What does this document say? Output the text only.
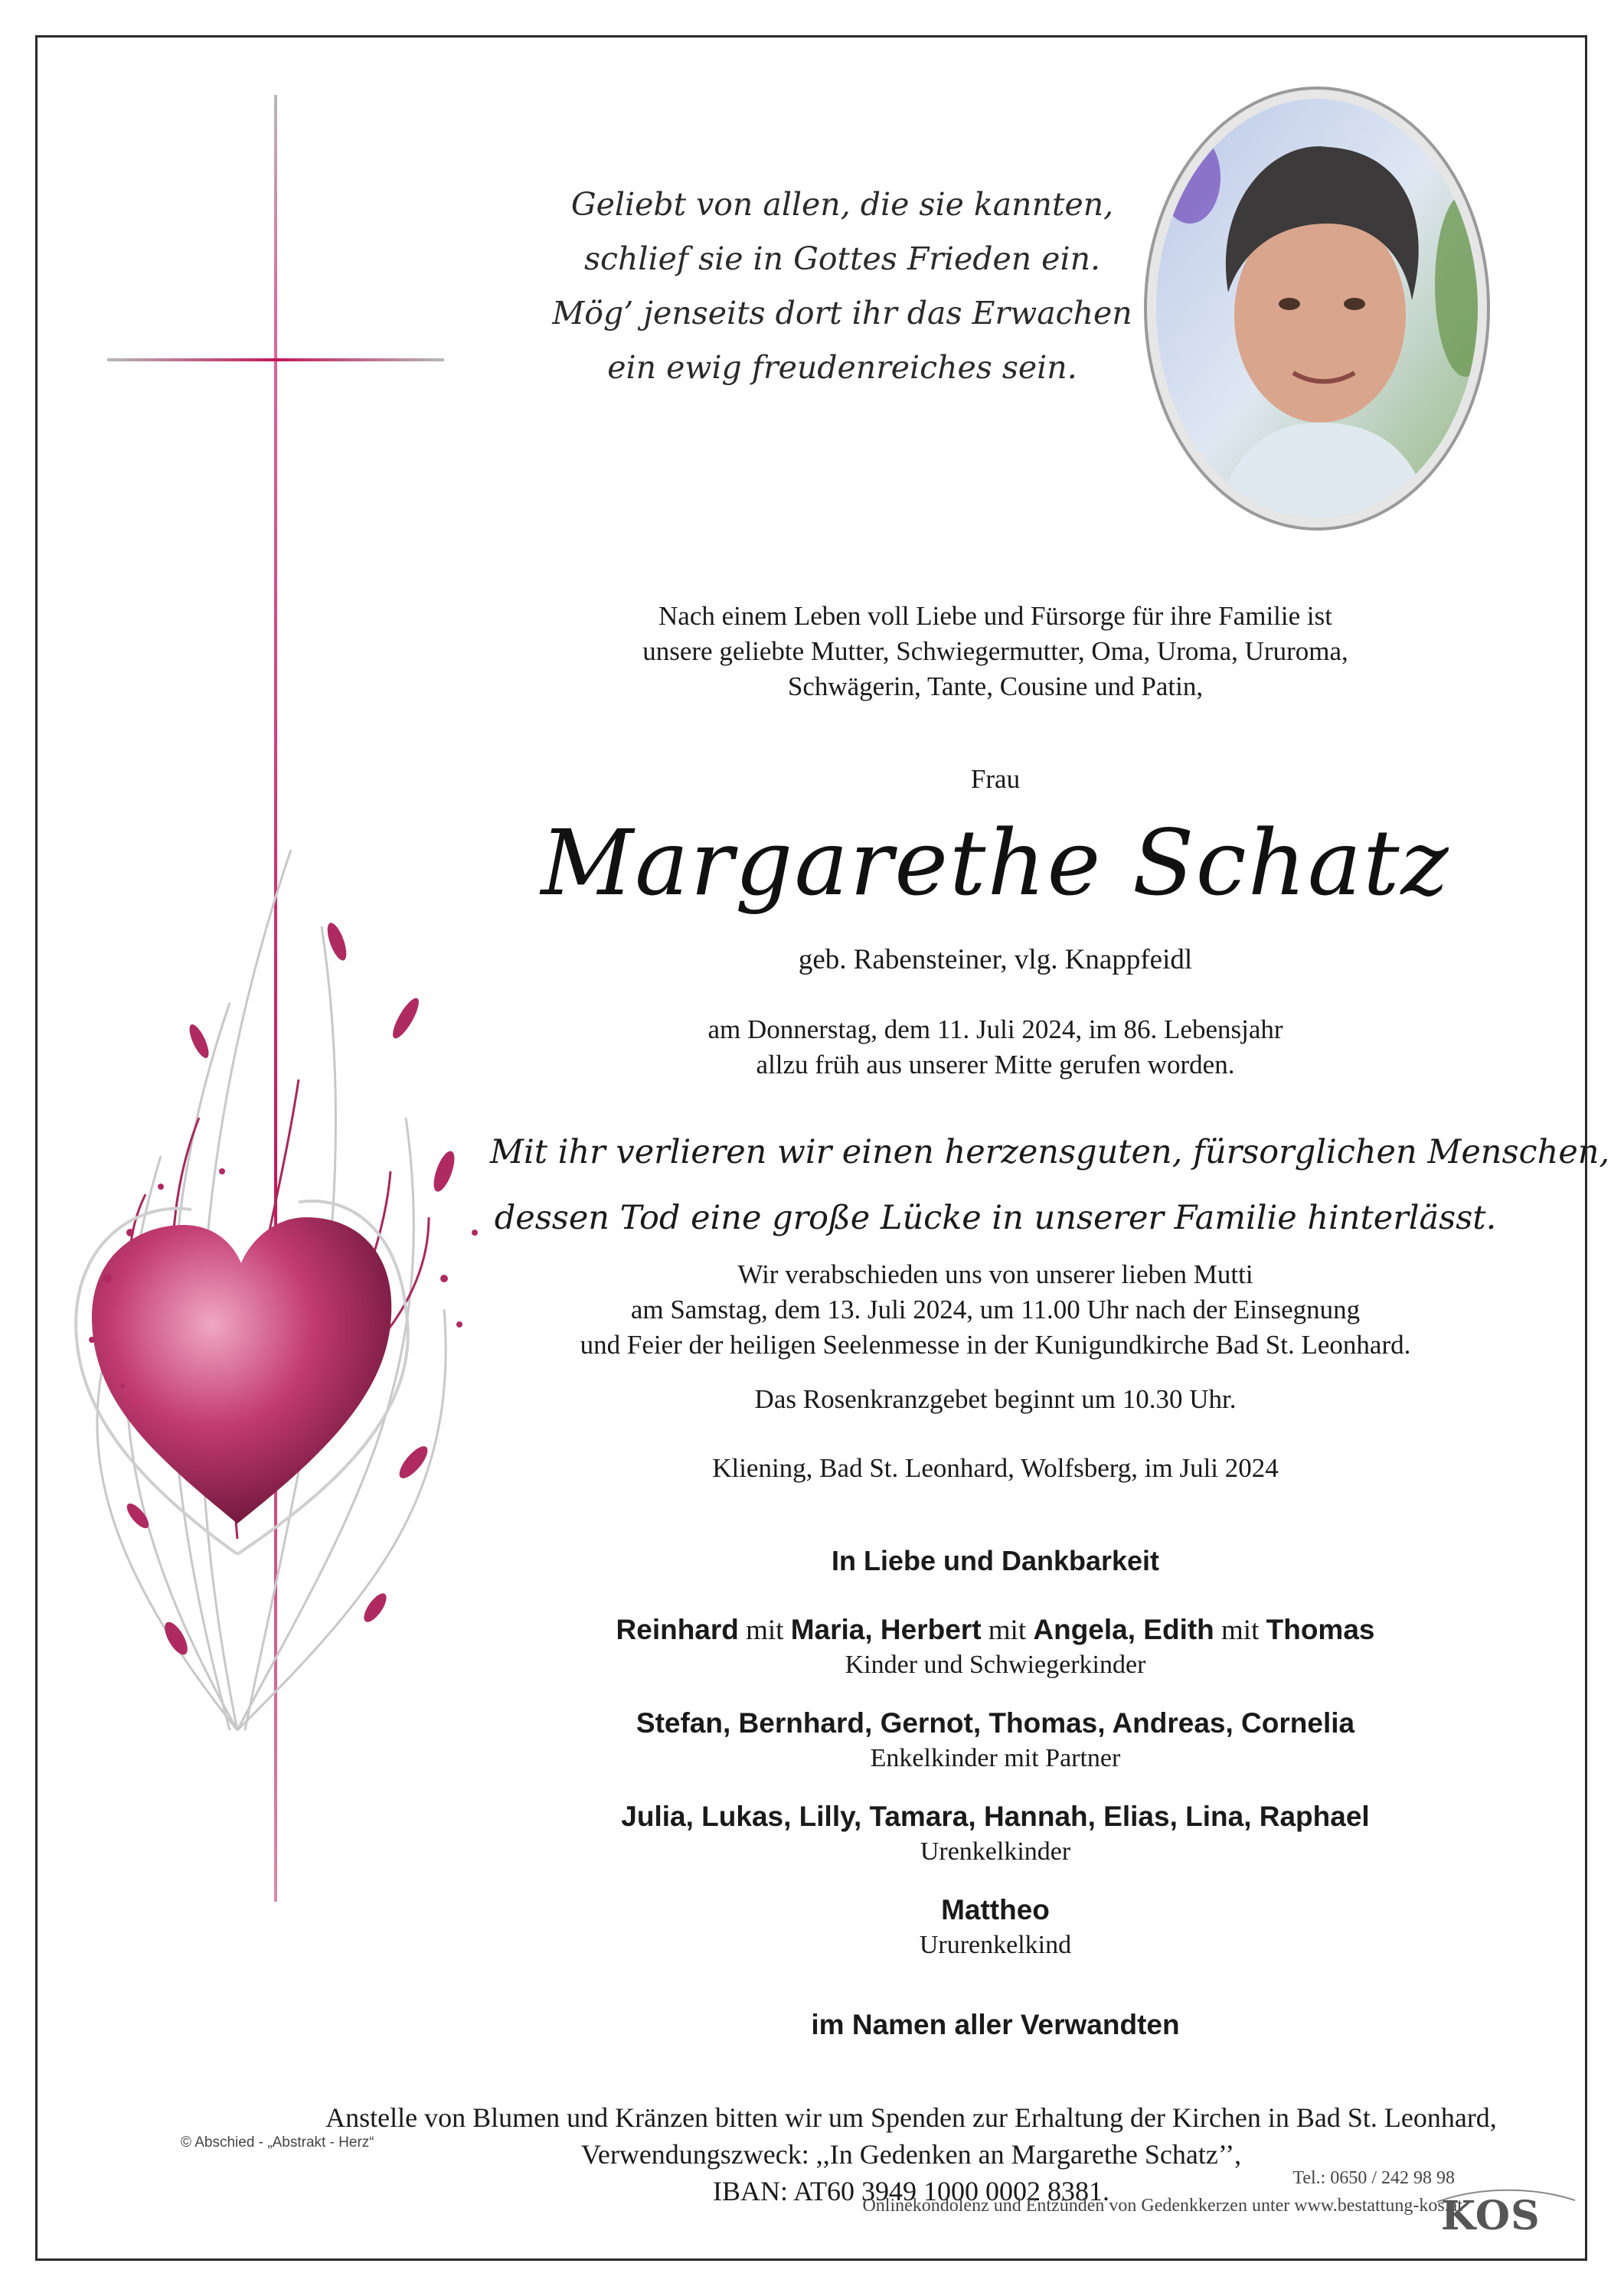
Geliebt von allen, die sie kannten,
schlief sie in Gottes Frieden ein.
Mög’ jenseits dort ihr das Erwachen
ein ewig freudenreiches sein.
Nach einem Leben voll Liebe und Fürsorge für ihre Familie ist
unsere geliebte Mutter, Schwiegermutter, Oma, Uroma, Ururoma,
Schwägerin, Tante, Cousine und Patin,
Frau
Margarethe Schatz
geb. Rabensteiner, vlg. Knappfeidl
am Donnerstag, dem 11. Juli 2024, im 86. Lebensjahr
allzu früh aus unserer Mitte gerufen worden.
Mit ihr verlieren wir einen herzensguten, fürsorglichen Menschen,
dessen Tod eine große Lücke in unserer Familie hinterlässt.
Wir verabschieden uns von unserer lieben Mutti
am Samstag, dem 13. Juli 2024, um 11.00 Uhr nach der Einsegnung
und Feier der heiligen Seelenmesse in der Kunigundkirche Bad St. Leonhard.
Das Rosenkranzgebet beginnt um 10.30 Uhr.
Kliening, Bad St. Leonhard, Wolfsberg, im Juli 2024
In Liebe und Dankbarkeit
Reinhard mit Maria, Herbert mit Angela, Edith mit Thomas
Kinder und Schwiegerkinder
Stefan, Bernhard, Gernot, Thomas, Andreas, Cornelia
Enkelkinder mit Partner
Julia, Lukas, Lilly, Tamara, Hannah, Elias, Lina, Raphael
Urenkelkinder
Mattheo
Ururenkelkind
im Namen aller Verwandten
Anstelle von Blumen und Kränzen bitten wir um Spenden zur Erhaltung der Kirchen in Bad St. Leonhard,
Verwendungszweck: ,,In Gedenken an Margarethe Schatz’’,
IBAN: AT60 3949 1000 0002 8381.
© Abschied - „Abstrakt - Herz“
Tel.: 0650 / 242 98 98
Onlinekondolenz und Entzünden von Gedenkkerzen unter www.bestattung-kos.at
KOS
